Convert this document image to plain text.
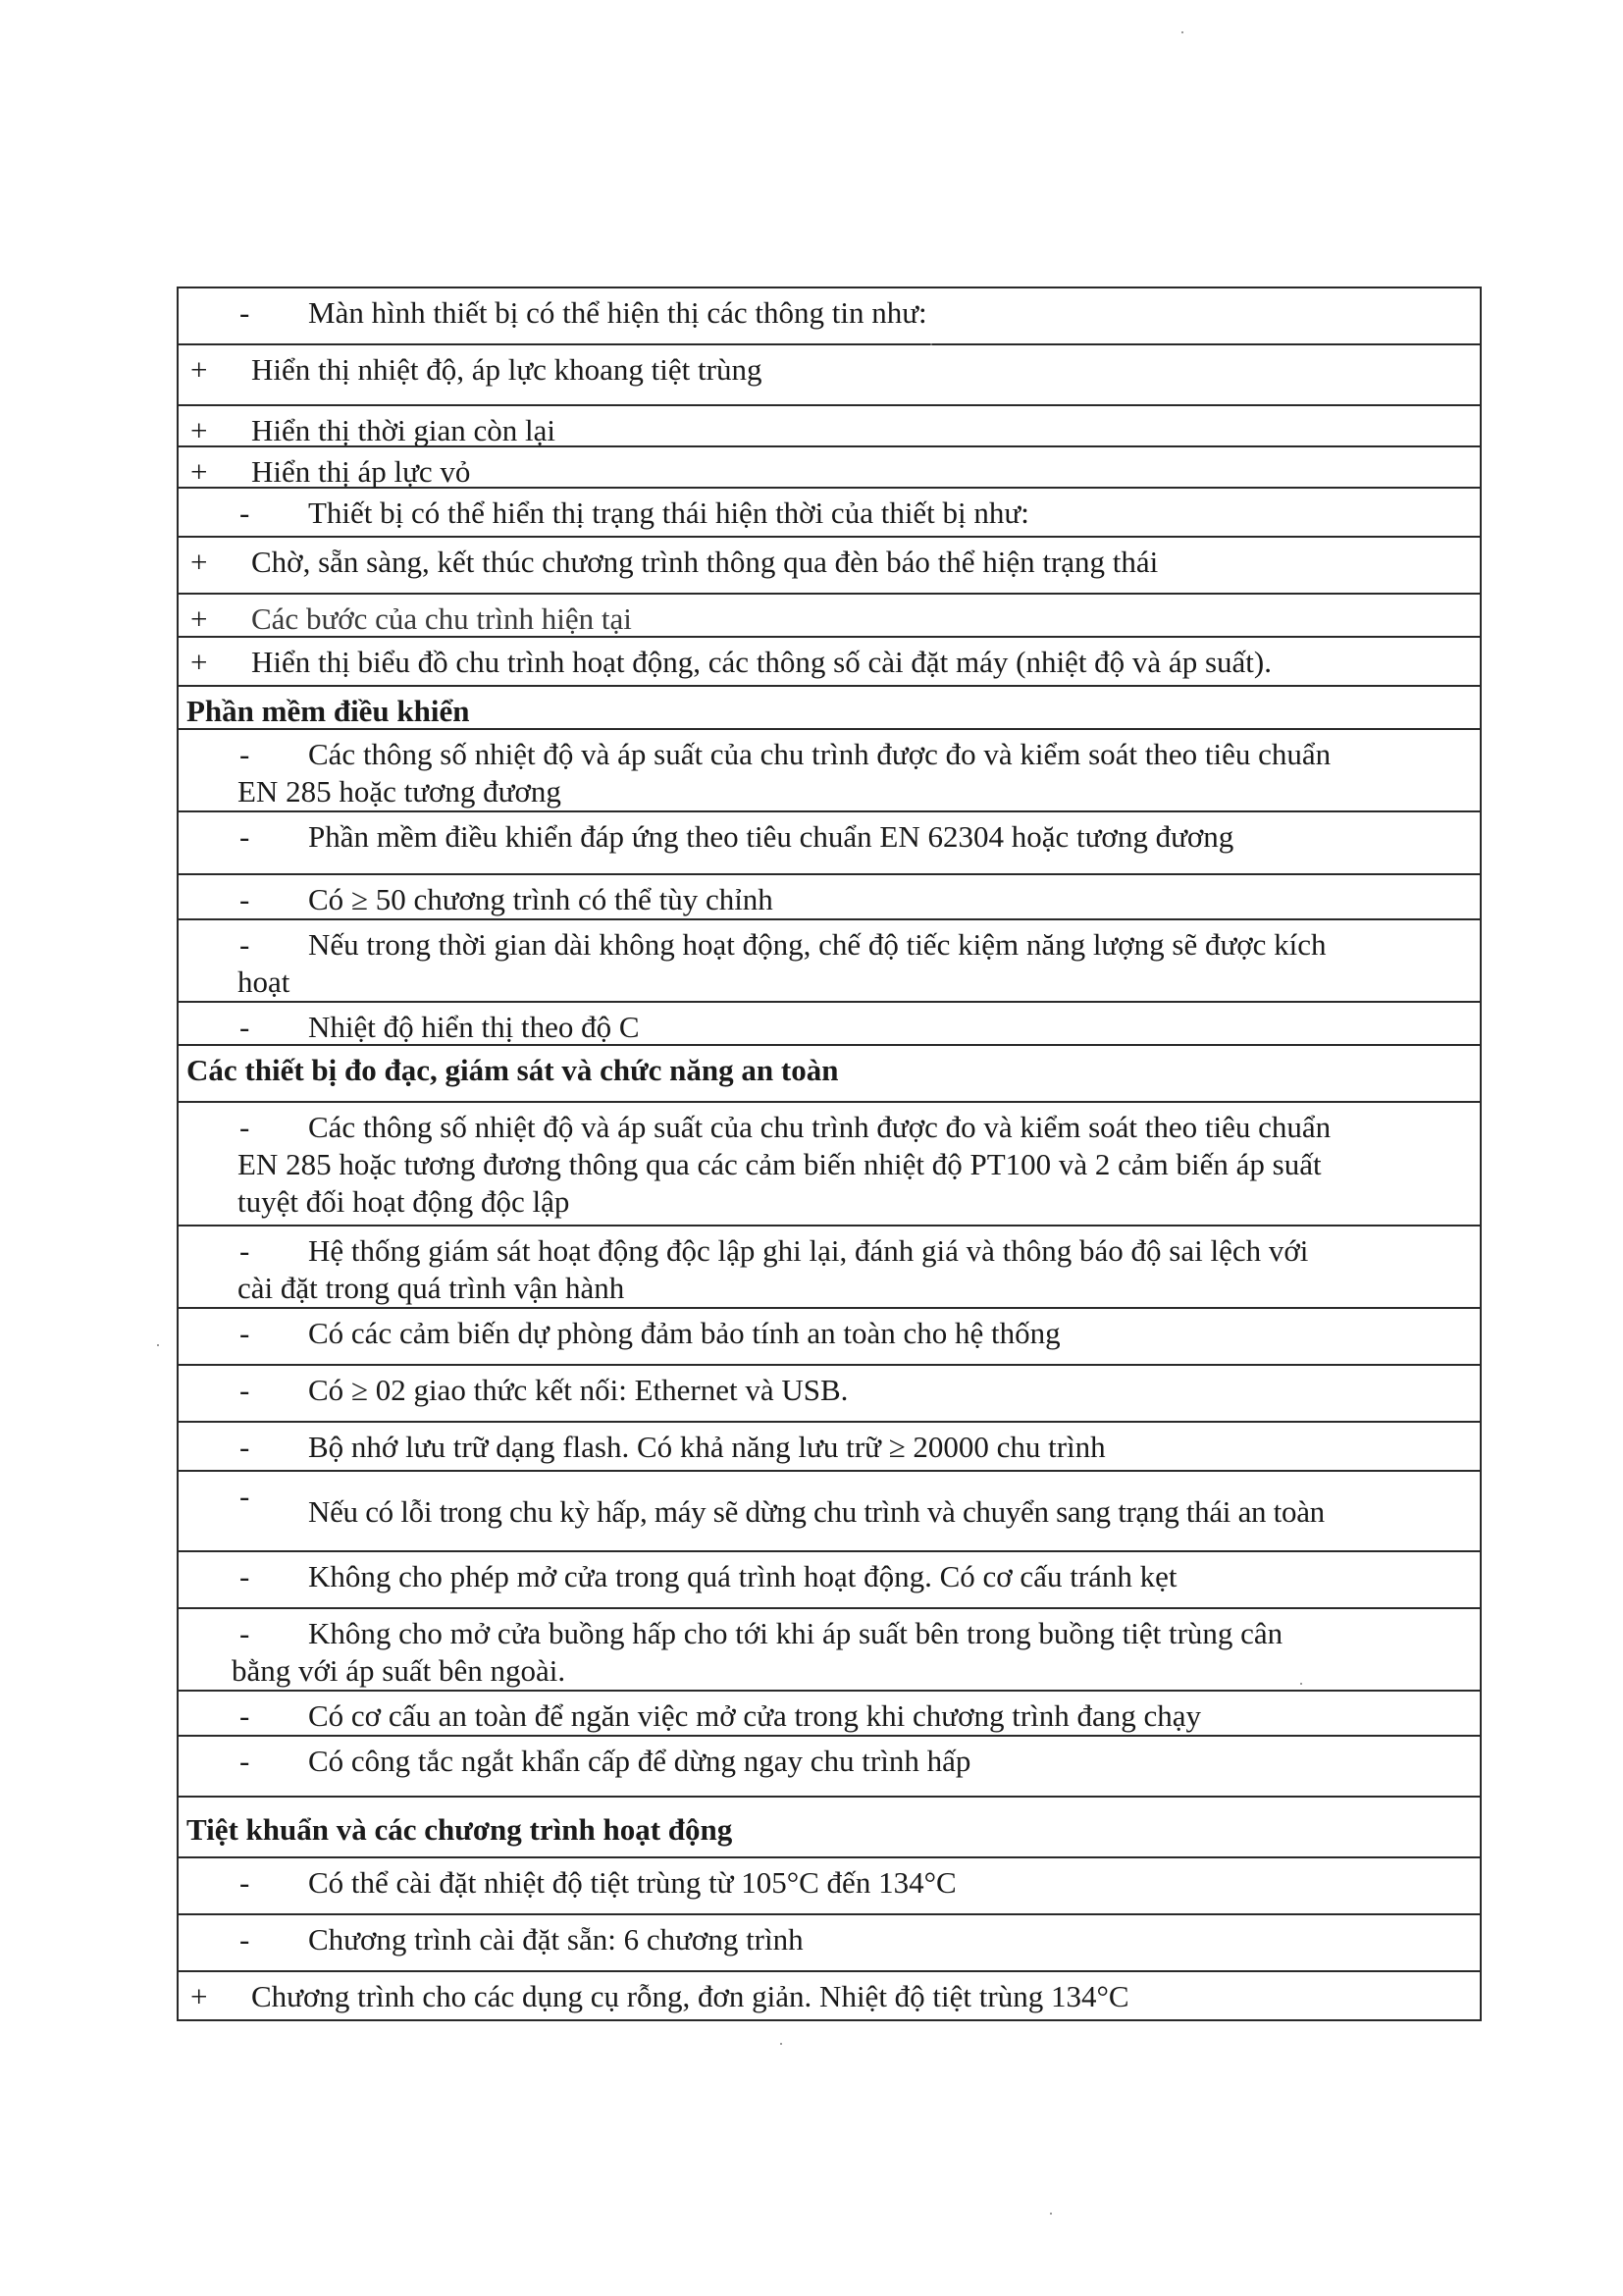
-	Màn hình thiết bị có thể hiện thị các thông tin như:
+	Hiển thị nhiệt độ, áp lực khoang tiệt trùng
+	Hiển thị thời gian còn lại
+	Hiển thị áp lực vỏ
-	Thiết bị có thể hiển thị trạng thái hiện thời của thiết bị như:
+	Chờ, sẵn sàng, kết thúc chương trình thông qua đèn báo thể hiện trạng thái
+	Các bước của chu trình hiện tại
+	Hiển thị biểu đồ chu trình hoạt động, các thông số cài đặt máy (nhiệt độ và áp suất).
Phần mềm điều khiển
-	Các thông số nhiệt độ và áp suất của chu trình được đo và kiểm soát theo tiêu chuẩn
EN 285 hoặc tương đương
-	Phần mềm điều khiển đáp ứng theo tiêu chuẩn EN 62304 hoặc tương đương
-	Có ≥ 50 chương trình có thể tùy chỉnh
-	Nếu trong thời gian dài không hoạt động, chế độ tiếc kiệm năng lượng sẽ được kích
hoạt
-	Nhiệt độ hiển thị theo độ C
Các thiết bị đo đạc, giám sát và chức năng an toàn
-	Các thông số nhiệt độ và áp suất của chu trình được đo và kiểm soát theo tiêu chuẩn
EN 285 hoặc tương đương thông qua các cảm biến nhiệt độ PT100 và 2 cảm biến áp suất
tuyệt đối hoạt động độc lập
-	Hệ thống giám sát hoạt động độc lập ghi lại, đánh giá và thông báo độ sai lệch với
cài đặt trong quá trình vận hành
-	Có các cảm biến dự phòng đảm bảo tính an toàn cho hệ thống
-	Có ≥ 02 giao thức kết nối: Ethernet và USB.
-	Bộ nhớ lưu trữ dạng flash. Có khả năng lưu trữ ≥ 20000 chu trình
-	Nếu có lỗi trong chu kỳ hấp, máy sẽ dừng chu trình và chuyển sang trạng thái an toàn
-	Không cho phép mở cửa trong quá trình hoạt động. Có cơ cấu tránh kẹt
-	Không cho mở cửa buồng hấp cho tới khi áp suất bên trong buồng tiệt trùng cân
bằng với áp suất bên ngoài.
-	Có cơ cấu an toàn để ngăn việc mở cửa trong khi chương trình đang chạy
-	Có công tắc ngắt khẩn cấp để dừng ngay chu trình hấp
Tiệt khuẩn và các chương trình hoạt động
-	Có thể cài đặt nhiệt độ tiệt trùng từ 105°C đến 134°C
-	Chương trình cài đặt sẵn: 6 chương trình
+	Chương trình cho các dụng cụ rỗng, đơn giản. Nhiệt độ tiệt trùng 134°C
